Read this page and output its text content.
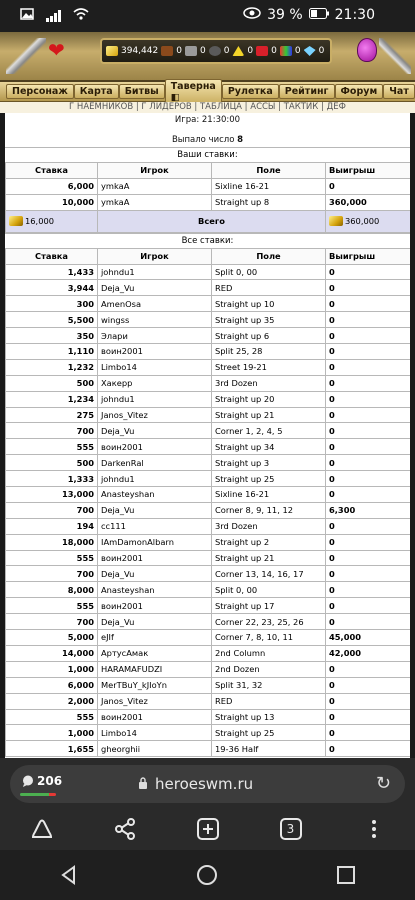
39 % 21:30
❤	394,442 0 0 0 0 0 0 0
Персонаж	Карта	Битвы	Таверна ◧	Рулетка	Рейтинг	Форум	Чат
Г НАЁМНИКОВ | Г ЛИДЕРОВ | ТАБЛИЦА | АССЫ | ТАКТИК | ДЕФ
Игра: 21:30:00
Выпало число 8
Ваши ставки:
Ставка	Игрок	Поле	Выигрыш
6,000	ymkaA	Sixline 16-21	0
10,000	ymkaA	Straight up 8	360,000
16,000	Всего		360,000
Все ставки:
Ставка	Игрок	Поле	Выигрыш
1,433	johndu1	Split 0, 00	0
3,944	Deja_Vu	RED	0
300	AmenOsa	Straight up 10	0
5,500	wingss	Straight up 35	0
350	Элари	Straight up 6	0
1,110	воин2001	Split 25, 28	0
1,232	Limbo14	Street 19-21	0
500	Хакерр	3rd Dozen	0
1,234	johndu1	Straight up 20	0
275	Janos_Vitez	Straight up 21	0
700	Deja_Vu	Corner 1, 2, 4, 5	0
555	воин2001	Straight up 34	0
500	DarkenRal	Straight up 3	0
1,333	johndu1	Straight up 25	0
13,000	Anasteyshan	Sixline 16-21	0
700	Deja_Vu	Corner 8, 9, 11, 12	6,300
194	cc111	3rd Dozen	0
18,000	IAmDamonAlbarn	Straight up 2	0
555	воин2001	Straight up 21	0
700	Deja_Vu	Corner 13, 14, 16, 17	0
8,000	Anasteyshan	Split 0, 00	0
555	воин2001	Straight up 17	0
700	Deja_Vu	Corner 22, 23, 25, 26	0
5,000	eJIf	Corner 7, 8, 10, 11	45,000
14,000	АртусАмак	2nd Column	42,000
1,000	HARAMAFUDZI	2nd Dozen	0
6,000	MerTBuY_kJIoYn	Split 31, 32	0
2,000	Janos_Vitez	RED	0
555	воин2001	Straight up 13	0
1,000	Limbo14	Straight up 25	0
1,655	gheorghii	19-36 Half	0
206	heroeswm.ru	↻
3
